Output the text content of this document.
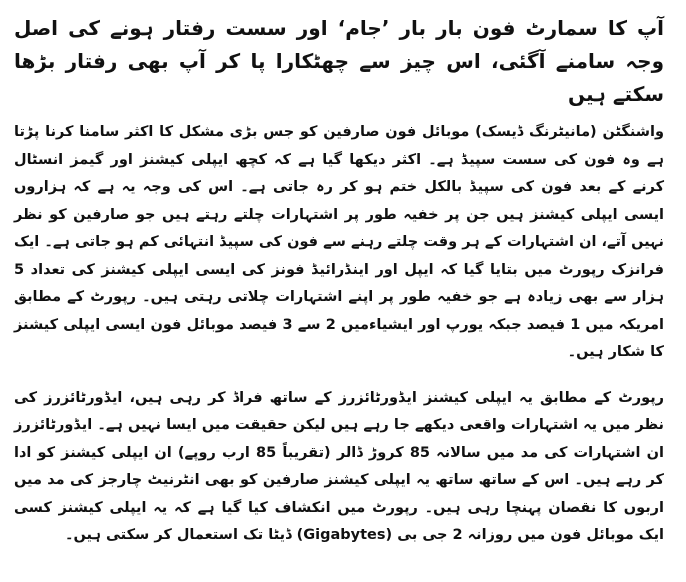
آپ کا سمارٹ فون بار بار ’جام‘ اور سست رفتار ہونے کی اصل وجہ سامنے آگئی، اس چیز سے چھٹکارا پا کر آپ بھی رفتار بڑھا سکتے ہیں

واشنگٹن (مانیٹرنگ ڈیسک) موبائل فون صارفین کو جس بڑی مشکل کا اکثر سامنا کرنا پڑتا ہے وہ فون کی سست سپیڈ ہے۔ اکثر دیکھا گیا ہے کہ کچھ ایپلی کیشنز اور گیمز انسٹال کرنے کے بعد فون کی سپیڈ بالکل ختم ہو کر رہ جاتی ہے۔ اس کی وجہ یہ ہے کہ ہزاروں ایسی ایپلی کیشنز ہیں جن پر خفیہ طور پر اشتہارات چلتے رہتے ہیں جو صارفین کو نظر نہیں آتے، ان اشتہارات کے ہر وقت چلتے رہنے سے فون کی سپیڈ انتہائی کم ہو جاتی ہے۔ ایک فرانزک رپورٹ میں بتایا گیا کہ ایپل اور اینڈرائیڈ فونز کی ایسی ایپلی کیشنز کی تعداد 5 ہزار سے بھی زیادہ ہے جو خفیہ طور پر اپنے اشتہارات چلاتی رہتی ہیں۔ رپورٹ کے مطابق امریکہ میں 1 فیصد جبکہ یورپ اور ایشیاءمیں 2 سے 3 فیصد موبائل فون ایسی ایپلی کیشنز کا شکار ہیں۔

رپورٹ کے مطابق یہ ایپلی کیشنز ایڈورٹائزرز کے ساتھ فراڈ کر رہی ہیں، ایڈورٹائزرز کی نظر میں یہ اشتہارات واقعی دیکھے جا رہے ہیں لیکن حقیقت میں ایسا نہیں ہے۔ ایڈورٹائزرز ان اشتہارات کی مد میں سالانہ 85 کروڑ ڈالر (تقریباً 85 ارب روپے) ان ایپلی کیشنز کو ادا کر رہے ہیں۔ اس کے ساتھ ساتھ یہ ایپلی کیشنز صارفین کو بھی انٹرنیٹ چارجز کی مد میں اربوں کا نقصان پہنچا رہی ہیں۔ رپورٹ میں انکشاف کیا گیا ہے کہ یہ ایپلی کیشنز کسی ایک موبائل فون میں روزانہ 2 جی بی (Gigabytes) ڈیٹا تک استعمال کر سکتی ہیں۔
